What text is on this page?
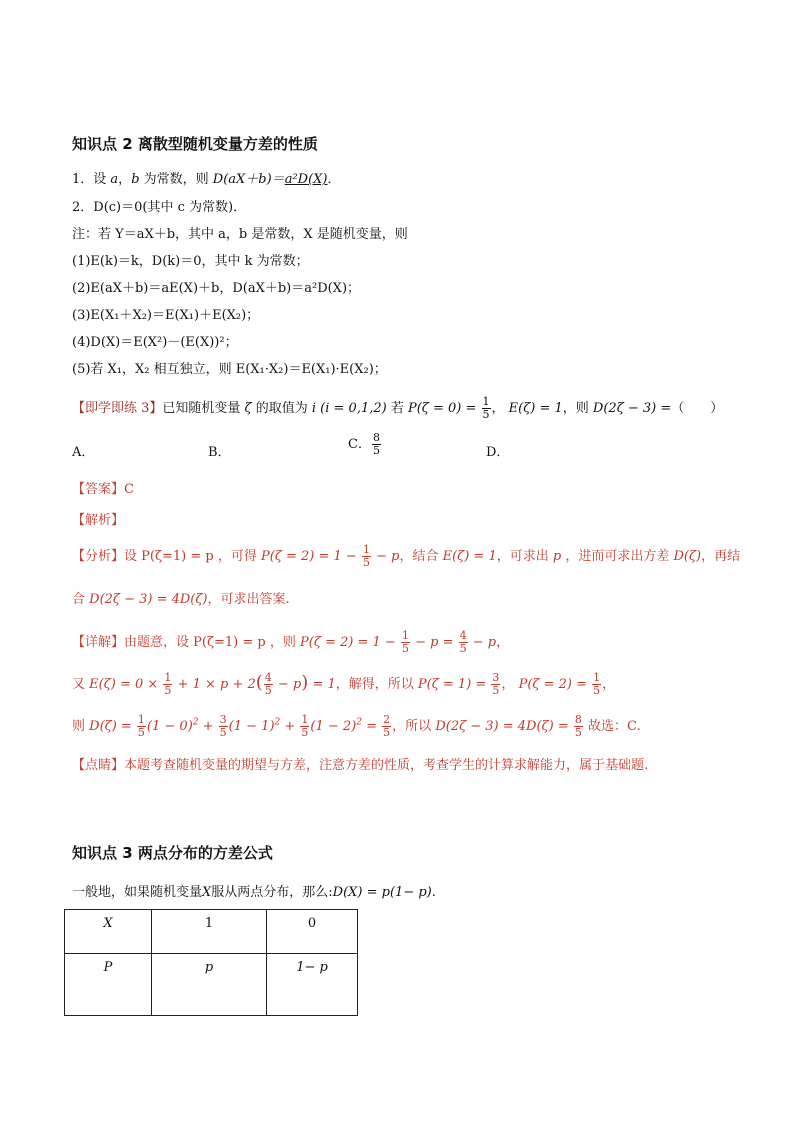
知识点 2 离散型随机变量方差的性质
1．设 a，b 为常数，则 D(aX＋b)＝a²D(X)．
2．D(c)＝0(其中 c 为常数)．
注：若 Y＝aX＋b，其中 a，b 是常数，X 是随机变量，则
(1)E(k)＝k，D(k)＝0，其中 k 为常数；
(2)E(aX＋b)＝aE(X)＋b，D(aX＋b)＝a²D(X)；
(3)E(X₁＋X₂)＝E(X₁)＋E(X₂)；
(4)D(X)＝E(X²)－(E(X))²；
(5)若 X₁，X₂ 相互独立，则 E(X₁·X₂)＝E(X₁)·E(X₂)；
【即学即练 3】已知随机变量 ζ 的取值为 i (i = 0,1,2) 若 $P(\zeta = 0) = \frac{1}{5}$ ， E(ζ) = 1，则 D(2ζ − 3) =（　　）
A．	B．
C． $\frac{8}{5}$	D．
【答案】C
【解析】
【分析】设 P(ζ=1) = p ，可得 $P(\zeta = 2) = 1 - \frac{1}{5} - p$，结合 E(ζ) = 1，可求出 p ，进而可求出方差 D(ζ)，再结
合 D(2ζ − 3) = 4D(ζ)，可求出答案.
【详解】由题意，设 P(ζ=1) = p ，则 $P(\zeta = 2) = 1 - \frac{1}{5} - p = \frac{4}{5} - p$，
又 $E(\zeta) = 0 \times \frac{1}{5} + 1 \times p + 2( \frac{4}{5} - p) = 1$，解得，所以 $P(\zeta = 1) = \frac{3}{5}$ ， $P(\zeta = 2) = \frac{1}{5}$ ，
则 $D(\zeta) = \frac{1}{5} (1 - 0)^2 + \frac{3}{5} (1 - 1)^2 + \frac{1}{5} (1 - 2)^2 = \frac{2}{5}$ ，所以 $D(2\zeta - 3) = 4D(\zeta) = \frac{8}{5}$ 故选：C.
【点睛】本题考查随机变量的期望与方差，注意方差的性质，考查学生的计算求解能力，属于基础题.
知识点 3 两点分布的方差公式
一般地，如果随机变量X服从两点分布，那么:D(X) = p(1− p).
X	1	0
P	p	1− p
